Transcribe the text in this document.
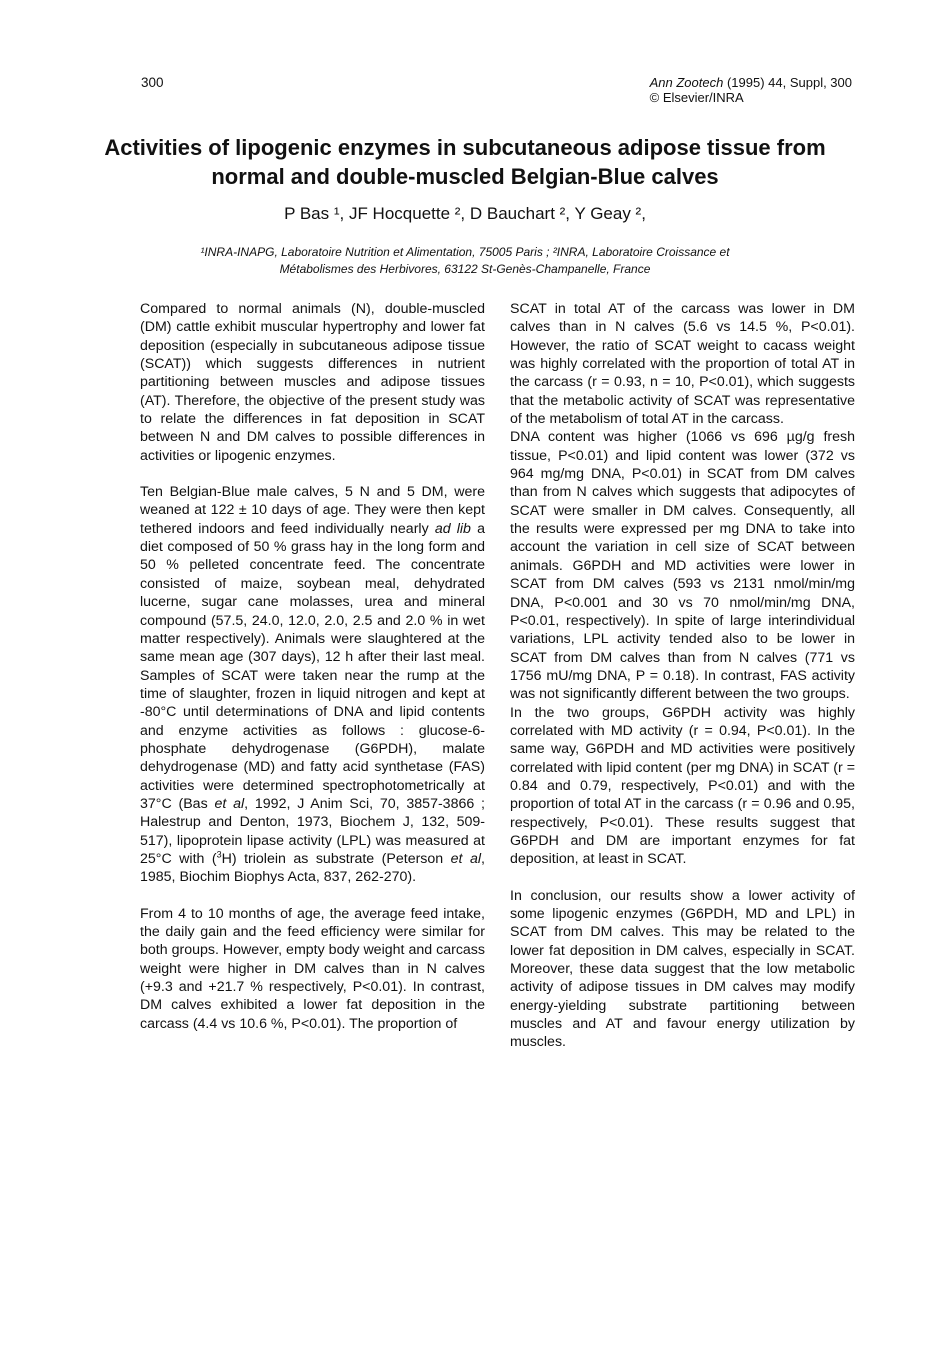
300	Ann Zootech (1995) 44, Suppl, 300
© Elsevier/INRA
Activities of lipogenic enzymes in subcutaneous adipose tissue from normal and double-muscled Belgian-Blue calves
P Bas ¹, JF Hocquette ², D Bauchart ², Y Geay ²,
¹INRA-INAPG, Laboratoire Nutrition et Alimentation, 75005 Paris ; ²INRA, Laboratoire Croissance et
Métabolismes des Herbivores, 63122 St-Genès-Champanelle, France

Compared to normal animals (N), double-muscled (DM) cattle exhibit muscular hypertrophy and lower fat deposition (especially in subcutaneous adipose tissue (SCAT)) which suggests differences in nutrient partitioning between muscles and adipose tissues (AT). Therefore, the objective of the present study was to relate the differences in fat deposition in SCAT between N and DM calves to possible differences in activities or lipogenic enzymes.

Ten Belgian-Blue male calves, 5 N and 5 DM, were weaned at 122 ± 10 days of age. They were then kept tethered indoors and feed individually nearly ad lib a diet composed of 50 % grass hay in the long form and 50 % pelleted concentrate feed. The concentrate consisted of maize, soybean meal, dehydrated lucerne, sugar cane molasses, urea and mineral compound (57.5, 24.0, 12.0, 2.0, 2.5 and 2.0 % in wet matter respectively). Animals were slaughtered at the same mean age (307 days), 12 h after their last meal. Samples of SCAT were taken near the rump at the time of slaughter, frozen in liquid nitrogen and kept at -80°C until determinations of DNA and lipid contents and enzyme activities as follows : glucose-6-phosphate dehydrogenase (G6PDH), malate dehydrogenase (MD) and fatty acid synthetase (FAS) activities were determined spectrophotometrically at 37°C (Bas et al, 1992, J Anim Sci, 70, 3857-3866 ; Halestrup and Denton, 1973, Biochem J, 132, 509-517), lipoprotein lipase activity (LPL) was measured at 25°C with ($^3$H) triolein as substrate (Peterson et al, 1985, Biochim Biophys Acta, 837, 262-270).

From 4 to 10 months of age, the average feed intake, the daily gain and the feed efficiency were similar for both groups. However, empty body weight and carcass weight were higher in DM calves than in N calves (+9.3 and +21.7 % respectively, P<0.01). In contrast, DM calves exhibited a lower fat deposition in the carcass (4.4 vs 10.6 %, P<0.01). The proportion of

SCAT in total AT of the carcass was lower in DM calves than in N calves (5.6 vs 14.5 %, P<0.01). However, the ratio of SCAT weight to cacass weight was highly correlated with the proportion of total AT in the carcass (r = 0.93, n = 10, P<0.01), which suggests that the metabolic activity of SCAT was representative of the metabolism of total AT in the carcass.

DNA content was higher (1066 vs 696 µg/g fresh tissue, P<0.01) and lipid content was lower (372 vs 964 mg/mg DNA, P<0.01) in SCAT from DM calves than from N calves which suggests that adipocytes of SCAT were smaller in DM calves. Consequently, all the results were expressed per mg DNA to take into account the variation in cell size of SCAT between animals. G6PDH and MD activities were lower in SCAT from DM calves (593 vs 2131 nmol/min/mg DNA, P<0.001 and 30 vs 70 nmol/min/mg DNA, P<0.01, respectively). In spite of large interindividual variations, LPL activity tended also to be lower in SCAT from DM calves than from N calves (771 vs 1756 mU/mg DNA, P = 0.18). In contrast, FAS activity was not significantly different between the two groups.

In the two groups, G6PDH activity was highly correlated with MD activity (r = 0.94, P<0.01). In the same way, G6PDH and MD activities were positively correlated with lipid content (per mg DNA) in SCAT (r = 0.84 and 0.79, respectively, P<0.01) and with the proportion of total AT in the carcass (r = 0.96 and 0.95, respectively, P<0.01). These results suggest that G6PDH and DM are important enzymes for fat deposition, at least in SCAT.

In conclusion, our results show a lower activity of some lipogenic enzymes (G6PDH, MD and LPL) in SCAT from DM calves. This may be related to the lower fat deposition in DM calves, especially in SCAT. Moreover, these data suggest that the low metabolic activity of adipose tissues in DM calves may modify energy-yielding substrate partitioning between muscles and AT and favour energy utilization by muscles.
